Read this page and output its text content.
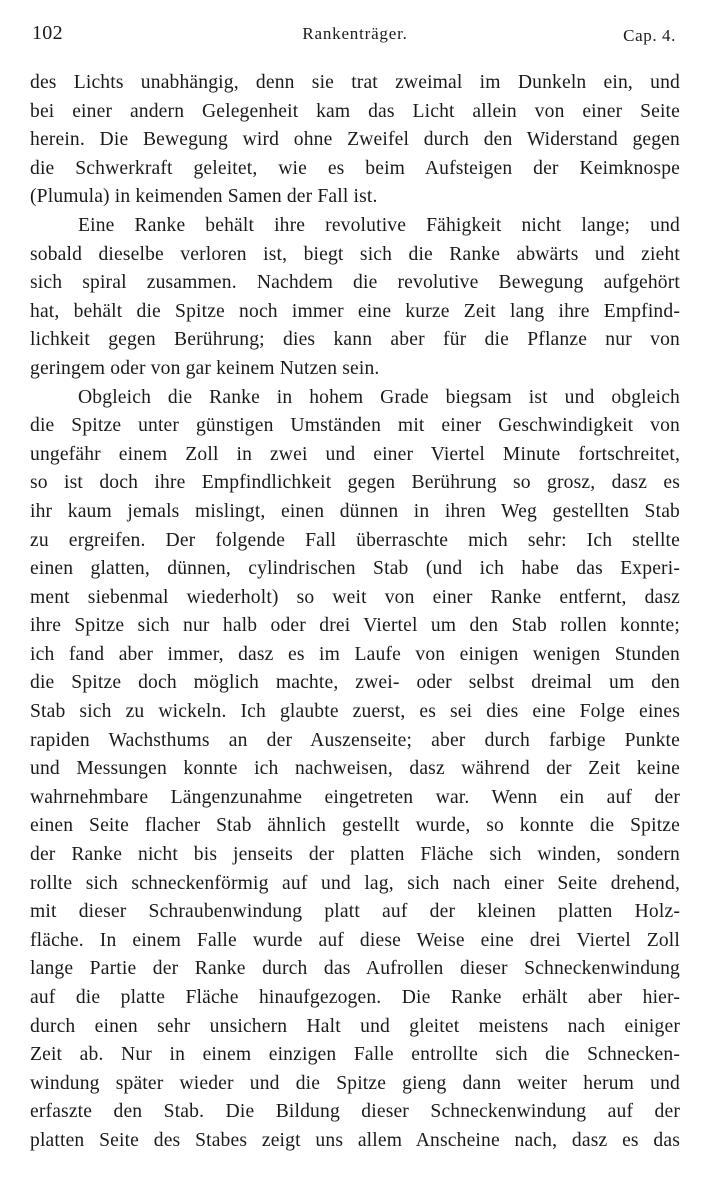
102	Rankenträger.	Cap. 4.
des Lichts unabhängig, denn sie trat zweimal im Dunkeln ein, und
bei einer andern Gelegenheit kam das Licht allein von einer Seite
herein. Die Bewegung wird ohne Zweifel durch den Widerstand gegen
die Schwerkraft geleitet, wie es beim Aufsteigen der Keimknospe
(Plumula) in keimenden Samen der Fall ist.
Eine Ranke behält ihre revolutive Fähigkeit nicht lange; und
sobald dieselbe verloren ist, biegt sich die Ranke abwärts und zieht
sich spiral zusammen. Nachdem die revolutive Bewegung aufgehört
hat, behält die Spitze noch immer eine kurze Zeit lang ihre Empfind-
lichkeit gegen Berührung; dies kann aber für die Pflanze nur von
geringem oder von gar keinem Nutzen sein.
Obgleich die Ranke in hohem Grade biegsam ist und obgleich
die Spitze unter günstigen Umständen mit einer Geschwindigkeit von
ungefähr einem Zoll in zwei und einer Viertel Minute fortschreitet,
so ist doch ihre Empfindlichkeit gegen Berührung so grosz, dasz es
ihr kaum jemals mislingt, einen dünnen in ihren Weg gestellten Stab
zu ergreifen. Der folgende Fall überraschte mich sehr: Ich stellte
einen glatten, dünnen, cylindrischen Stab (und ich habe das Experi-
ment siebenmal wiederholt) so weit von einer Ranke entfernt, dasz
ihre Spitze sich nur halb oder drei Viertel um den Stab rollen konnte;
ich fand aber immer, dasz es im Laufe von einigen wenigen Stunden
die Spitze doch möglich machte, zwei- oder selbst dreimal um den
Stab sich zu wickeln. Ich glaubte zuerst, es sei dies eine Folge eines
rapiden Wachsthums an der Auszenseite; aber durch farbige Punkte
und Messungen konnte ich nachweisen, dasz während der Zeit keine
wahrnehmbare Längenzunahme eingetreten war. Wenn ein auf der
einen Seite flacher Stab ähnlich gestellt wurde, so konnte die Spitze
der Ranke nicht bis jenseits der platten Fläche sich winden, sondern
rollte sich schneckenförmig auf und lag, sich nach einer Seite drehend,
mit dieser Schraubenwindung platt auf der kleinen platten Holz-
fläche. In einem Falle wurde auf diese Weise eine drei Viertel Zoll
lange Partie der Ranke durch das Aufrollen dieser Schneckenwindung
auf die platte Fläche hinaufgezogen. Die Ranke erhält aber hier-
durch einen sehr unsichern Halt und gleitet meistens nach einiger
Zeit ab. Nur in einem einzigen Falle entrollte sich die Schnecken-
windung später wieder und die Spitze gieng dann weiter herum und
erfaszte den Stab. Die Bildung dieser Schneckenwindung auf der
platten Seite des Stabes zeigt uns allem Anscheine nach, dasz es das
